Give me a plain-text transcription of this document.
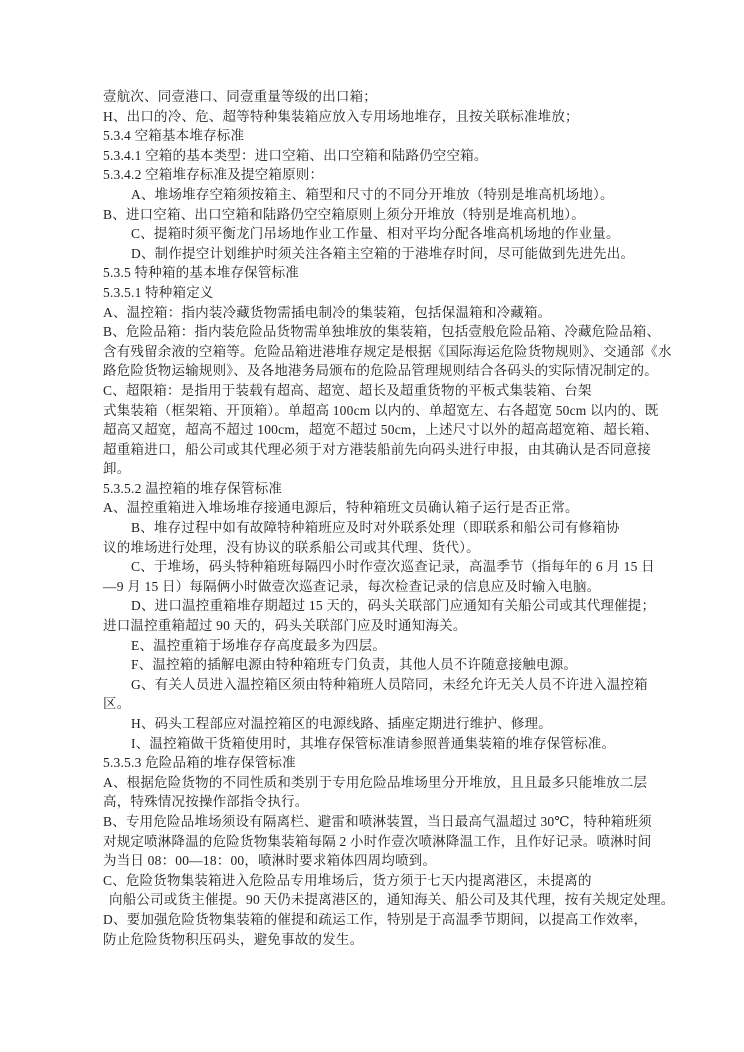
壹航次、同壹港口、同壹重量等级的出口箱；
H、出口的冷、危、超等特种集装箱应放入专用场地堆存，且按关联标准堆放；
5.3.4 空箱基本堆存标准
5.3.4.1 空箱的基本类型：进口空箱、出口空箱和陆路仍空空箱。
5.3.4.2 空箱堆存标准及提空箱原则：
A、堆场堆存空箱须按箱主、箱型和尺寸的不同分开堆放（特别是堆高机场地）。
B、进口空箱、出口空箱和陆路仍空空箱原则上须分开堆放（特别是堆高机地）。
C、提箱时须平衡龙门吊场地作业工作量、相对平均分配各堆高机场地的作业量。
D、制作提空计划维护时须关注各箱主空箱的于港堆存时间，尽可能做到先进先出。
5.3.5 特种箱的基本堆存保管标准
5.3.5.1 特种箱定义
A、温控箱：指内装冷藏货物需插电制冷的集装箱，包括保温箱和冷藏箱。
B、危险品箱：指内装危险品货物需单独堆放的集装箱，包括壹般危险品箱、冷藏危险品箱、
含有残留余液的空箱等。危险品箱进港堆存规定是根据《国际海运危险货物规则》、交通部《水
路危险货物运输规则》、及各地港务局颁布的危险品管理规则结合各码头的实际情况制定的。
C、超限箱：是指用于装载有超高、超宽、超长及超重货物的平板式集装箱、台架
式集装箱（框架箱、开顶箱）。单超高 100cm 以内的、单超宽左、右各超宽 50cm 以内的、既
超高又超宽，超高不超过 100cm，超宽不超过 50cm，上述尺寸以外的超高超宽箱、超长箱、
超重箱进口，船公司或其代理必须于对方港装船前先向码头进行申报，由其确认是否同意接
卸。
5.3.5.2 温控箱的堆存保管标准
A、温控重箱进入堆场堆存接通电源后，特种箱班文员确认箱子运行是否正常。
B、堆存过程中如有故障特种箱班应及时对外联系处理（即联系和船公司有修箱协
议的堆场进行处理，没有协议的联系船公司或其代理、货代）。
C、于堆场，码头特种箱班每隔四小时作壹次巡查记录，高温季节（指每年的 6 月 15 日
—9 月 15 日）每隔俩小时做壹次巡查记录，每次检查记录的信息应及时输入电脑。
D、进口温控重箱堆存期超过 15 天的，码头关联部门应通知有关船公司或其代理催提；
进口温控重箱超过 90 天的，码头关联部门应及时通知海关。
E、温控重箱于场堆存存高度最多为四层。
F、温控箱的插解电源由特种箱班专门负责，其他人员不许随意接触电源。
G、有关人员进入温控箱区须由特种箱班人员陪同，未经允许无关人员不许进入温控箱
区。
H、码头工程部应对温控箱区的电源线路、插座定期进行维护、修理。
I、温控箱做干货箱使用时，其堆存保管标准请参照普通集装箱的堆存保管标准。
5.3.5.3 危险品箱的堆存保管标准
A、根据危险货物的不同性质和类别于专用危险品堆场里分开堆放，且且最多只能堆放二层
高，特殊情况按操作部指令执行。
B、专用危险品堆场须设有隔离栏、避雷和喷淋装置，当日最高气温超过 30℃，特种箱班须
对规定喷淋降温的危险货物集装箱每隔 2 小时作壹次喷淋降温工作，且作好记录。喷淋时间
为当日 08：00—18：00，喷淋时要求箱体四周均喷到。
C、危险货物集装箱进入危险品专用堆场后，货方须于七天内提离港区，未提离的
向船公司或货主催提。90 天仍未提离港区的，通知海关、船公司及其代理，按有关规定处理。
D、要加强危险货物集装箱的催提和疏运工作，特别是于高温季节期间，以提高工作效率，
防止危险货物积压码头，避免事故的发生。
